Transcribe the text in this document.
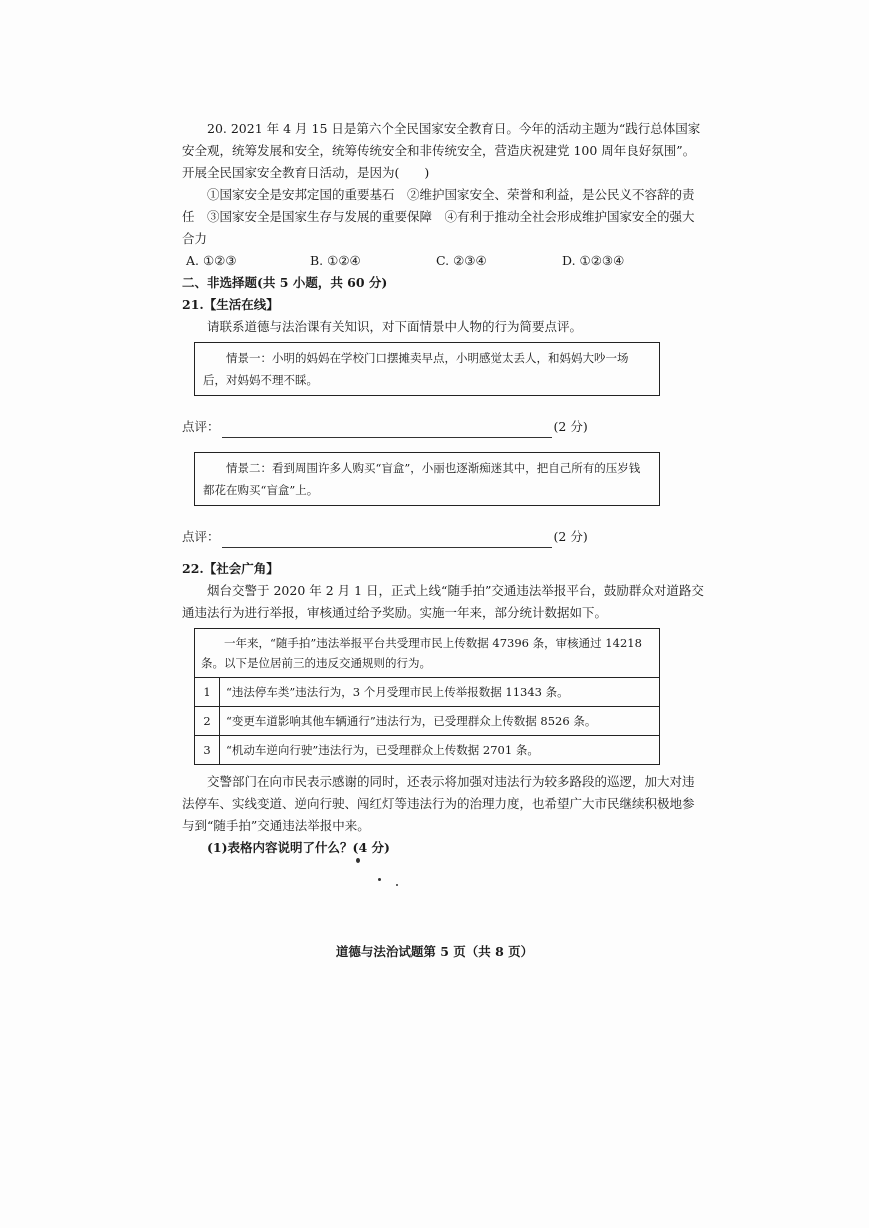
20. 2021 年 4 月 15 日是第六个全民国家安全教育日。今年的活动主题为“践行总体国家安全观，统筹发展和安全，统筹传统安全和非传统安全，营造庆祝建党 100 周年良好氛围”。开展全民国家安全教育日活动，是因为(　　)

①国家安全是安邦定国的重要基石　②维护国家安全、荣誉和利益，是公民义不容辞的责任　③国家安全是国家生存与发展的重要保障　④有利于推动全社会形成维护国家安全的强大合力

A. ①②③	B. ①②④	C. ②③④	D. ①②③④

二、非选择题(共 5 小题，共 60 分)

21.【生活在线】

请联系道德与法治课有关知识，对下面情景中人物的行为简要点评。

情景一：小明的妈妈在学校门口摆摊卖早点，小明感觉太丢人，和妈妈大吵一场后，对妈妈不理不睬。
点评：	(2 分)
情景二：看到周围许多人购买“盲盒”，小丽也逐渐痴迷其中，把自己所有的压岁钱都花在购买“盲盒”上。
点评：	(2 分)

22.【社会广角】

烟台交警于 2020 年 2 月 1 日，正式上线“随手拍”交通违法举报平台，鼓励群众对道路交通违法行为进行举报，审核通过给予奖励。实施一年来，部分统计数据如下。

一年来，“随手拍”违法举报平台共受理市民上传数据 47396 条，审核通过 14218 条。以下是位居前三的违反交通规则的行为。	
1	“违法停车类”违法行为，3 个月受理市民上传举报数据 11343 条。
2	“变更车道影响其他车辆通行”违法行为，已受理群众上传数据 8526 条。
3	“机动车逆向行驶”违法行为，已受理群众上传数据 2701 条。

交警部门在向市民表示感谢的同时，还表示将加强对违法行为较多路段的巡逻，加大对违法停车、实线变道、逆向行驶、闯红灯等违法行为的治理力度，也希望广大市民继续积极地参与到“随手拍”交通违法举报中来。

(1)表格内容说明了什么？(4 分)

道德与法治试题第 5 页（共 8 页）
